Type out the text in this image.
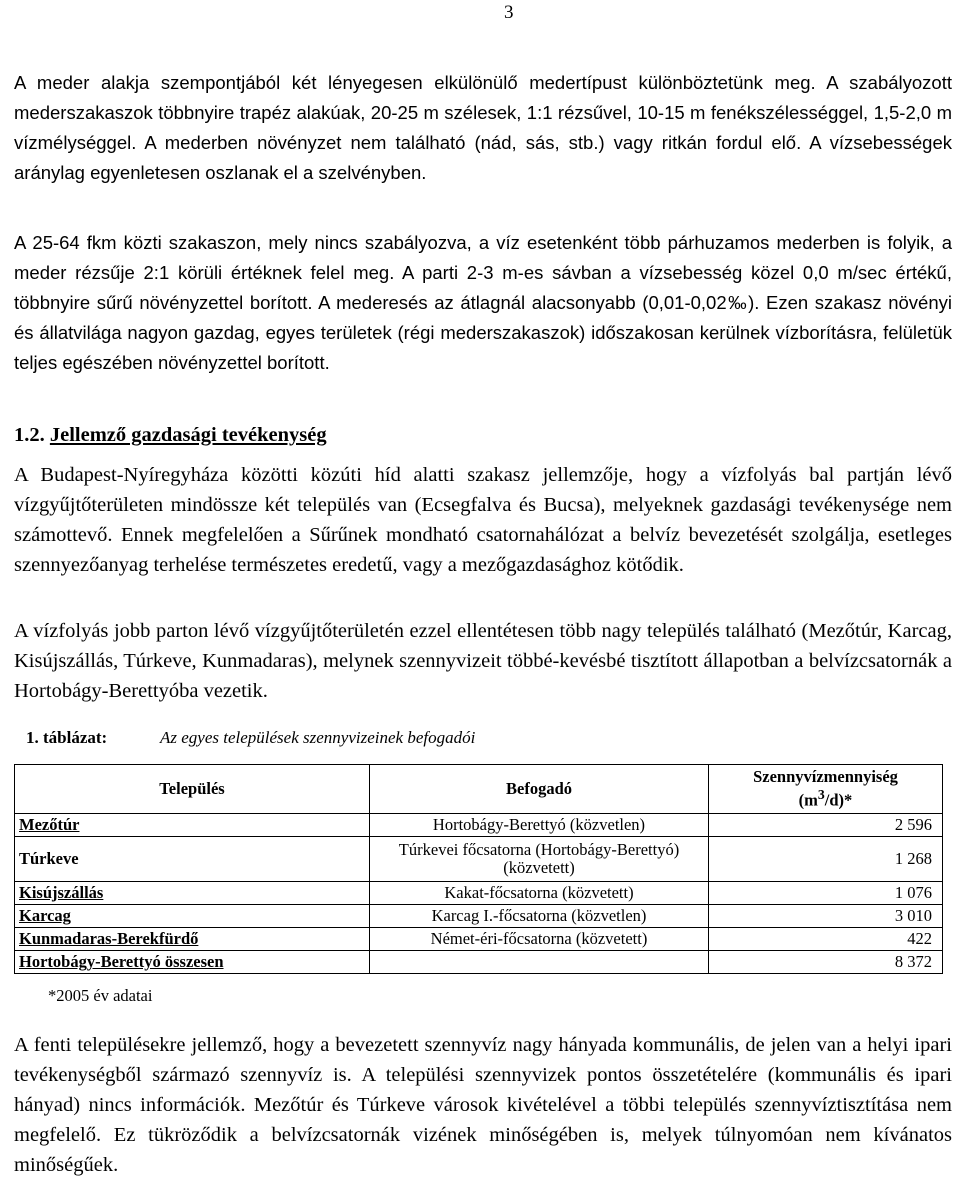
3

A meder alakja szempontjából két lényegesen elkülönülő medertípust különböztetünk meg. A szabályozott mederszakaszok többnyire trapéz alakúak, 20-25 m szélesek, 1:1 rézsűvel, 10-15 m fenékszélességgel, 1,5-2,0 m vízmélységgel. A mederben növényzet nem található (nád, sás, stb.) vagy ritkán fordul elő. A vízsebességek aránylag egyenletesen oszlanak el a szelvényben.

A 25-64 fkm közti szakaszon, mely nincs szabályozva, a víz esetenként több párhuzamos mederben is folyik, a meder rézsűje 2:1 körüli értéknek felel meg. A parti 2-3 m-es sávban a vízsebesség közel 0,0 m/sec értékű, többnyire sűrű növényzettel borított. A mederesés az átlagnál alacsonyabb (0,01-0,02‰). Ezen szakasz növényi és állatvilága nagyon gazdag, egyes területek (régi mederszakaszok) időszakosan kerülnek vízborításra, felületük teljes egészében növényzettel borított.

1.2. Jellemző gazdasági tevékenység

A Budapest-Nyíregyháza közötti közúti híd alatti szakasz jellemzője, hogy a vízfolyás bal partján lévő vízgyűjtőterületen mindössze két település van (Ecsegfalva és Bucsa), melyeknek gazdasági tevékenysége nem számottevő. Ennek megfelelően a Sűrűnek mondható csatornahálózat a belvíz bevezetését szolgálja, esetleges szennyezőanyag terhelése természetes eredetű, vagy a mezőgazdasághoz kötődik.

A vízfolyás jobb parton lévő vízgyűjtőterületén ezzel ellentétesen több nagy település található (Mezőtúr, Karcag, Kisújszállás, Túrkeve, Kunmadaras), melynek szennyvizeit többé-kevésbé tisztított állapotban a belvízcsatornák a Hortobágy-Berettyóba vezetik.

1. táblázat:	Az egyes települések szennyvizeinek befogadói
Település	Befogadó	Szennyvízmennyiség
$(m^3/d)*$
Mezőtúr	Hortobágy-Berettyó (közvetlen)	2 596
Túrkeve	Túrkevei főcsatorna (Hortobágy-Berettyó) (közvetett)	1 268
Kisújszállás	Kakat-főcsatorna (közvetett)	1 076
Karcag	Karcag I.-főcsatorna (közvetlen)	3 010
Kunmadaras-Berekfürdő	Német-éri-főcsatorna (közvetett)	422
Hortobágy-Berettyó összesen		8 372
*2005 év adatai

A fenti településekre jellemző, hogy a bevezetett szennyvíz nagy hányada kommunális, de jelen van a helyi ipari tevékenységből származó szennyvíz is. A települési szennyvizek pontos összetételére (kommunális és ipari hányad) nincs információk. Mezőtúr és Túrkeve városok kivételével a többi település szennyvíztisztítása nem megfelelő. Ez tükröződik a belvízcsatornák vizének minőségében is, melyek túlnyomóan nem kívánatos minőségűek.
